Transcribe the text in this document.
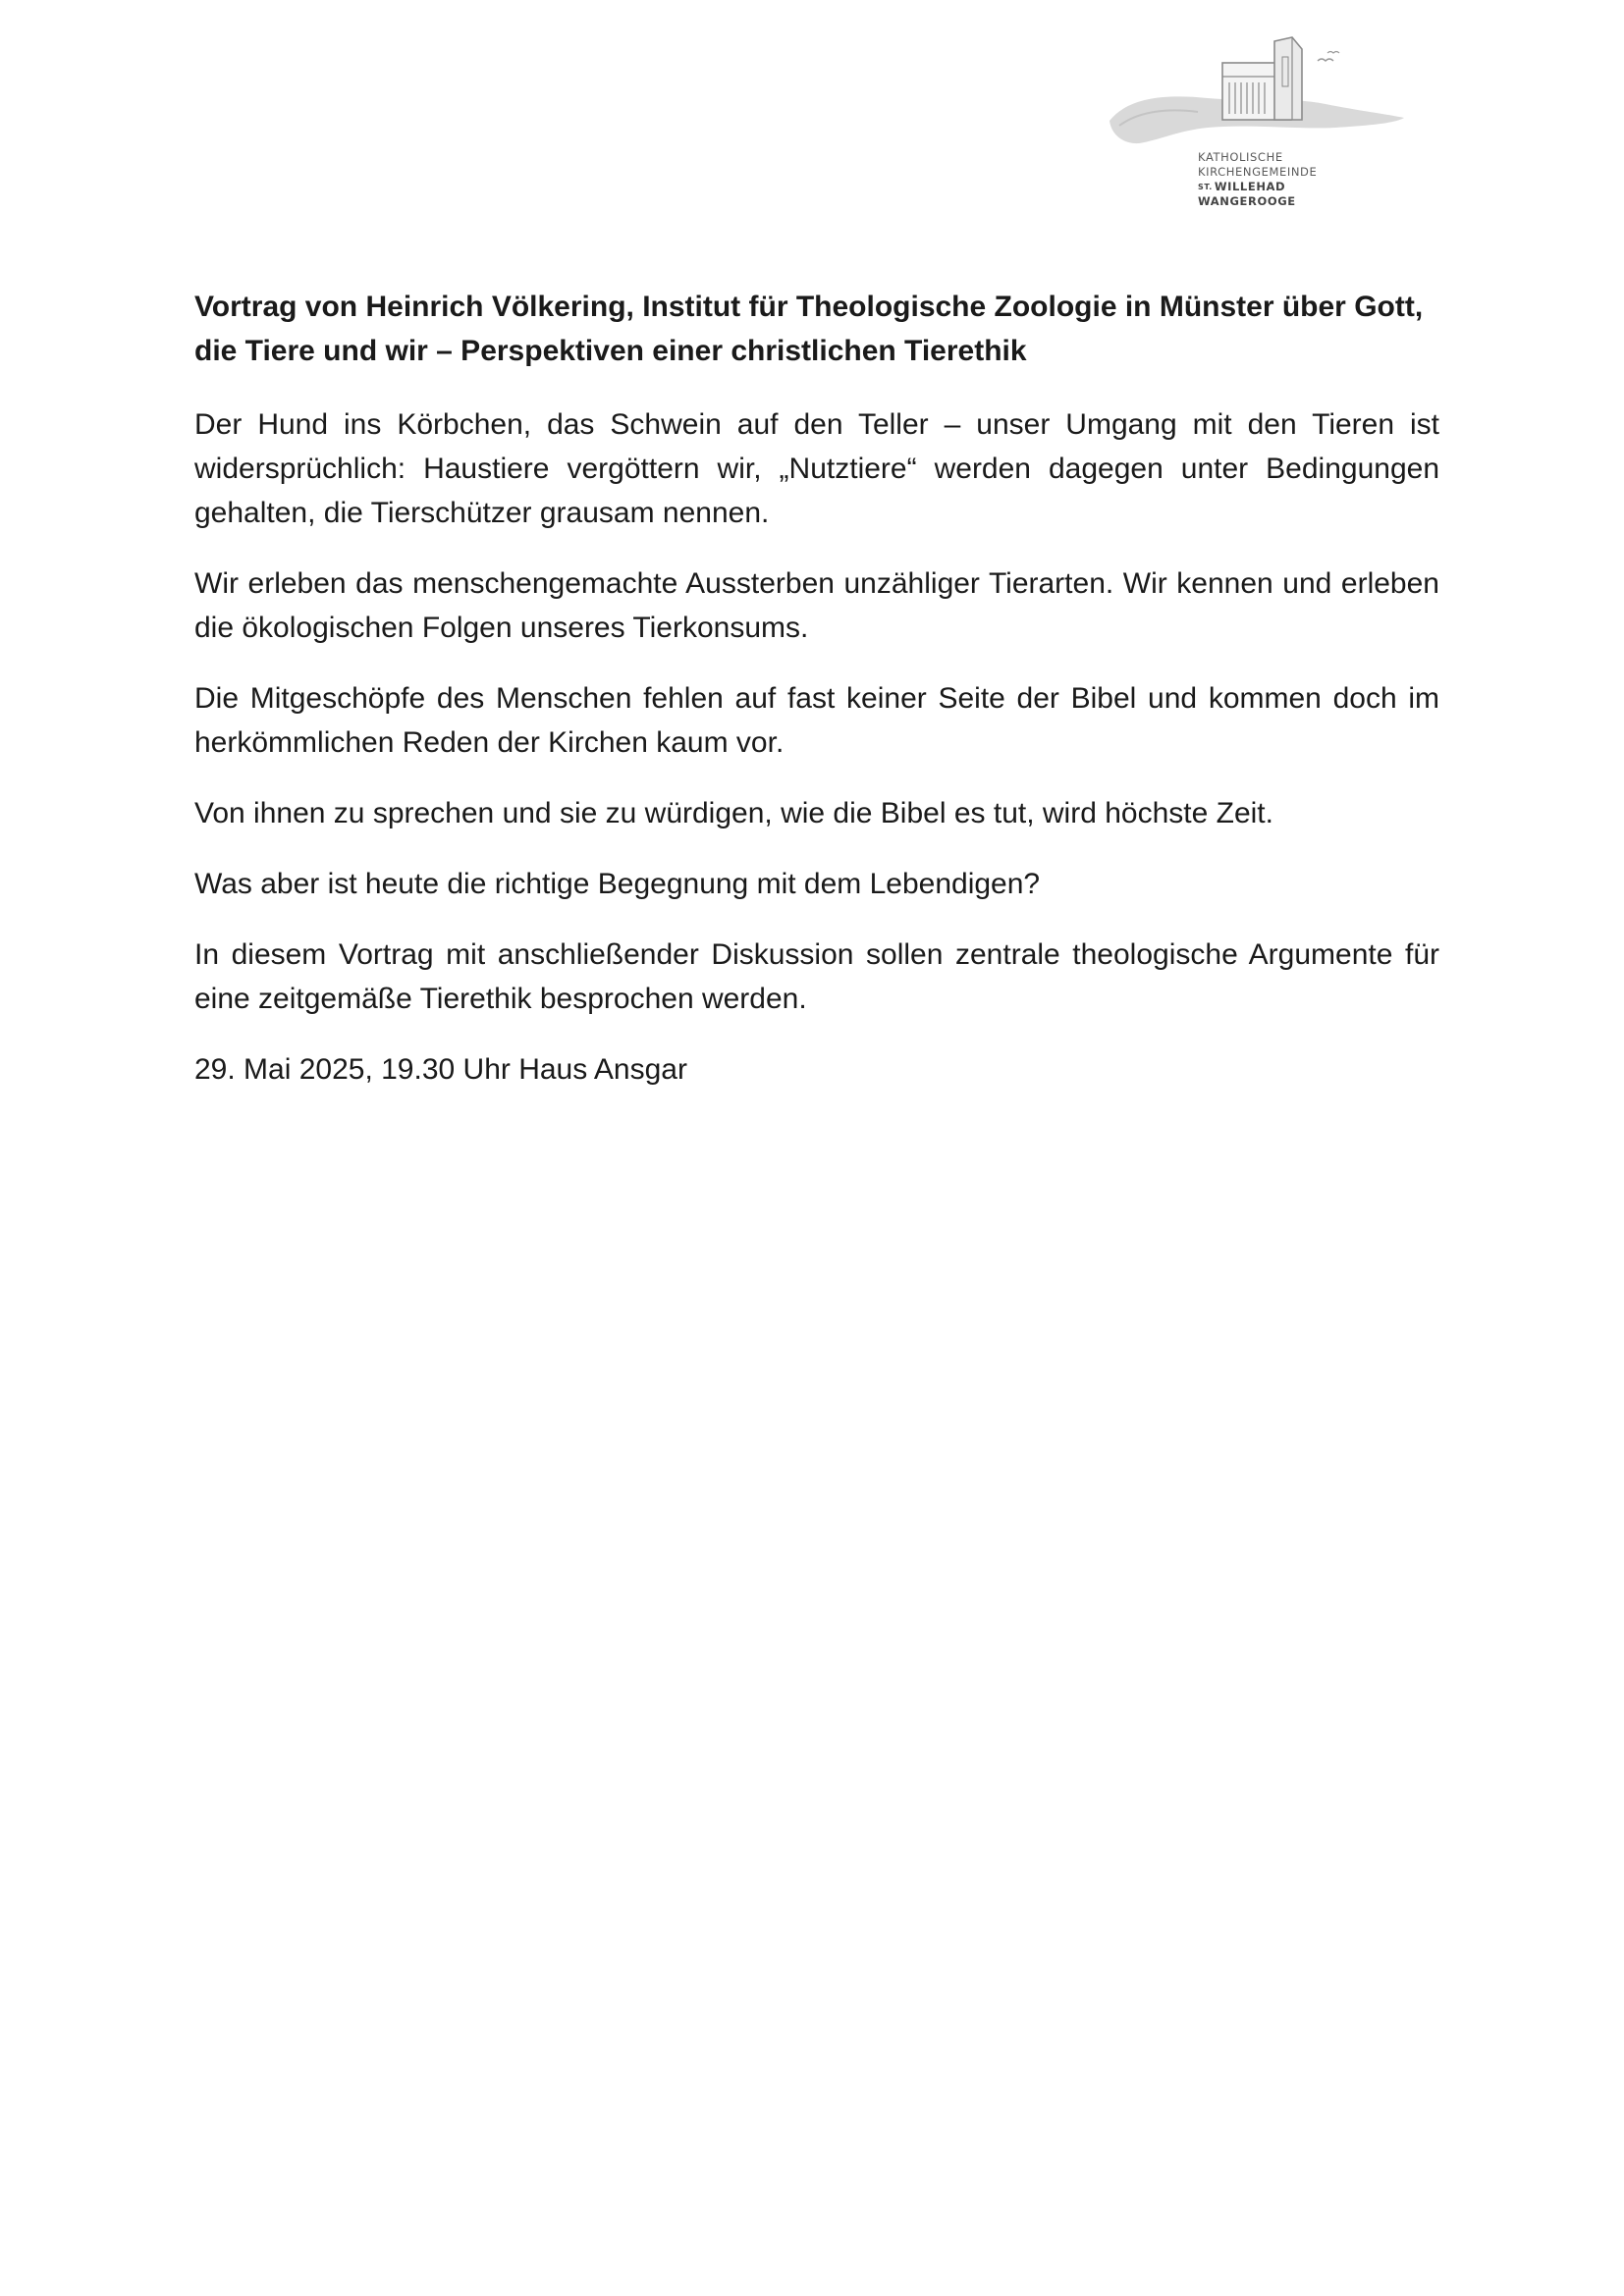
KATHOLISCHE
KIRCHENGEMEINDE
$^{ST.}$ WILLEHAD
WANGEROOGE

Vortrag von Heinrich Völkering, Institut für Theologische Zoologie in Münster über Gott, die Tiere und wir – Perspektiven einer christlichen Tierethik

Der Hund ins Körbchen, das Schwein auf den Teller – unser Umgang mit den Tieren ist widersprüchlich: Haustiere vergöttern wir, „Nutztiere“ werden dagegen unter Bedingungen gehalten, die Tierschützer grausam nennen.

Wir erleben das menschengemachte Aussterben unzähliger Tierarten. Wir kennen und erleben die ökologischen Folgen unseres Tierkonsums.

Die Mitgeschöpfe des Menschen fehlen auf fast keiner Seite der Bibel und kommen doch im herkömmlichen Reden der Kirchen kaum vor.

Von ihnen zu sprechen und sie zu würdigen, wie die Bibel es tut, wird höchste Zeit.

Was aber ist heute die richtige Begegnung mit dem Lebendigen?

In diesem Vortrag mit anschließender Diskussion sollen zentrale theologische Argumente für eine zeitgemäße Tierethik besprochen werden.

29. Mai 2025, 19.30 Uhr Haus Ansgar
